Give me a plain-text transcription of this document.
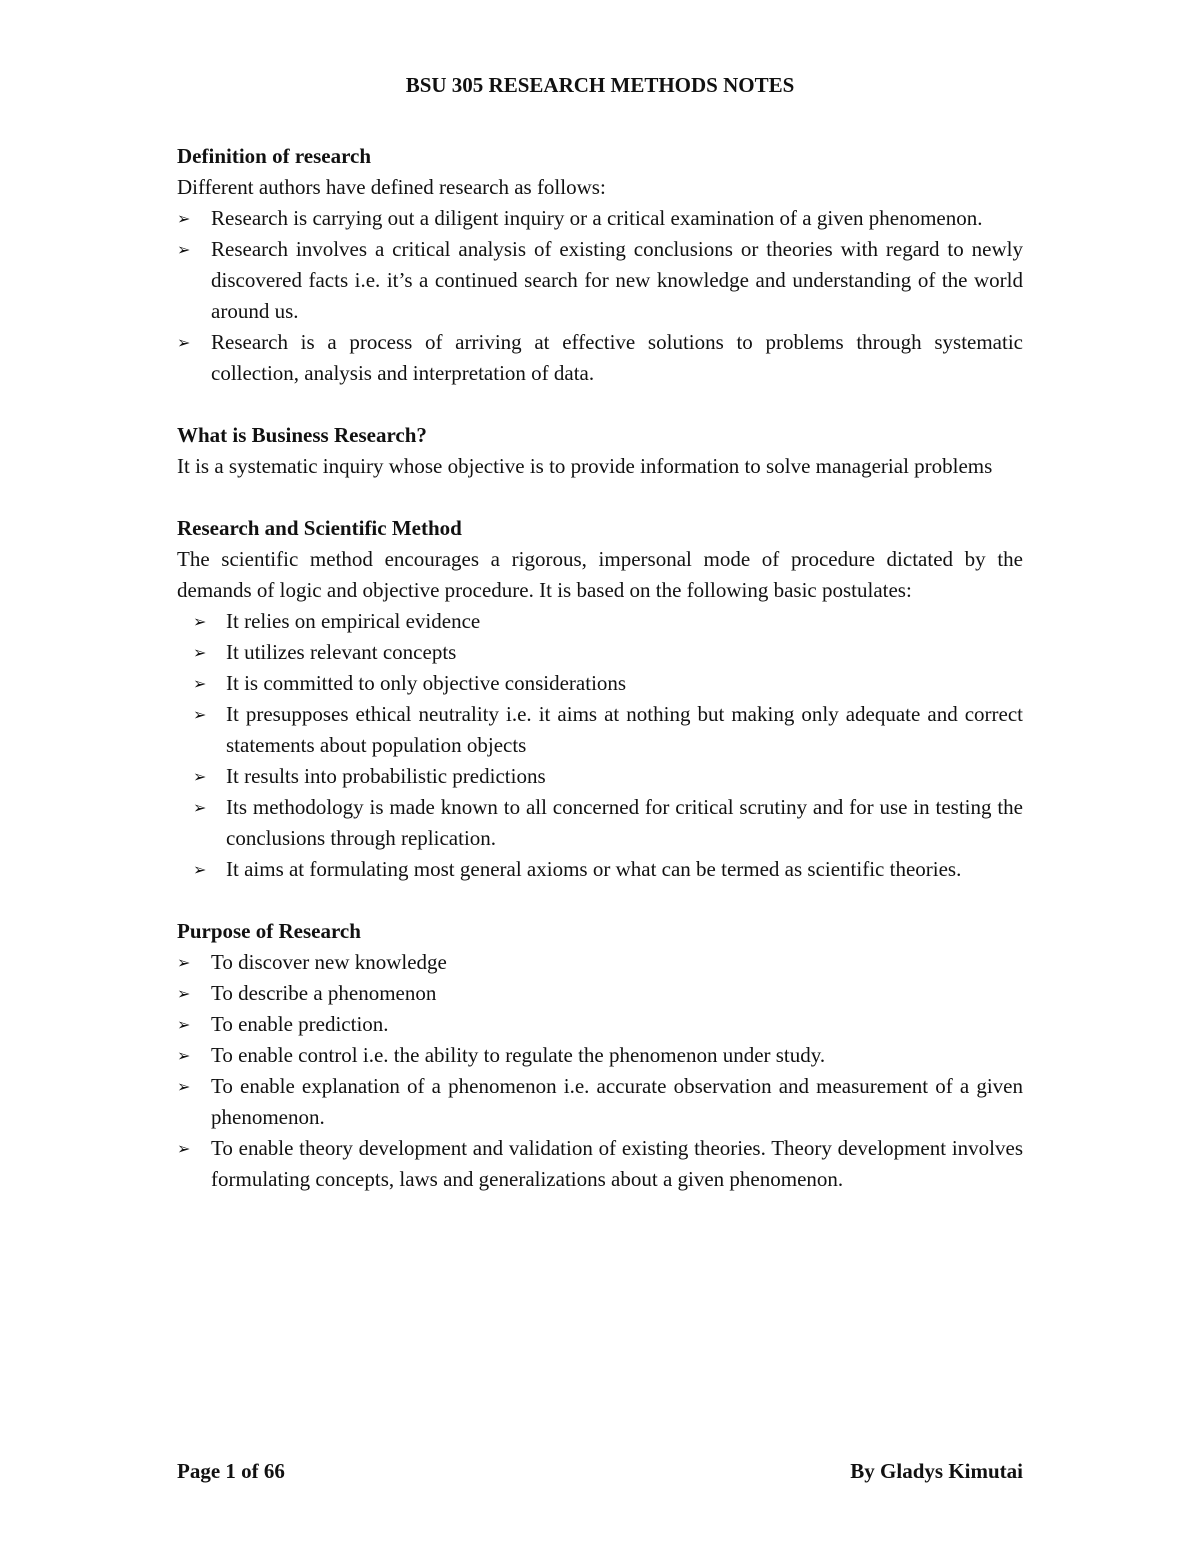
BSU 305 RESEARCH METHODS NOTES

Definition of research

Different authors have defined research as follows:

➢ Research is carrying out a diligent inquiry or a critical examination of a given phenomenon.
➢ Research involves a critical analysis of existing conclusions or theories with regard to newly discovered facts i.e. it’s a continued search for new knowledge and understanding of the world around us.
➢ Research is a process of arriving at effective solutions to problems through systematic collection, analysis and interpretation of data.

What is Business Research?

It is a systematic inquiry whose objective is to provide information to solve managerial problems

Research and Scientific Method

The scientific method encourages a rigorous, impersonal mode of procedure dictated by the demands of logic and objective procedure. It is based on the following basic postulates:

➢ It relies on empirical evidence
➢ It utilizes relevant concepts
➢ It is committed to only objective considerations
➢ It presupposes ethical neutrality i.e. it aims at nothing but making only adequate and correct statements about population objects
➢ It results into probabilistic predictions
➢ Its methodology is made known to all concerned for critical scrutiny and for use in testing the conclusions through replication.
➢ It aims at formulating most general axioms or what can be termed as scientific theories.

Purpose of Research

➢ To discover new knowledge
➢ To describe a phenomenon
➢ To enable prediction.
➢ To enable control i.e. the ability to regulate the phenomenon under study.
➢ To enable explanation of a phenomenon i.e. accurate observation and measurement of a given phenomenon.
➢ To enable theory development and validation of existing theories. Theory development involves formulating concepts, laws and generalizations about a given phenomenon.
Page 1 of 66	By Gladys Kimutai
